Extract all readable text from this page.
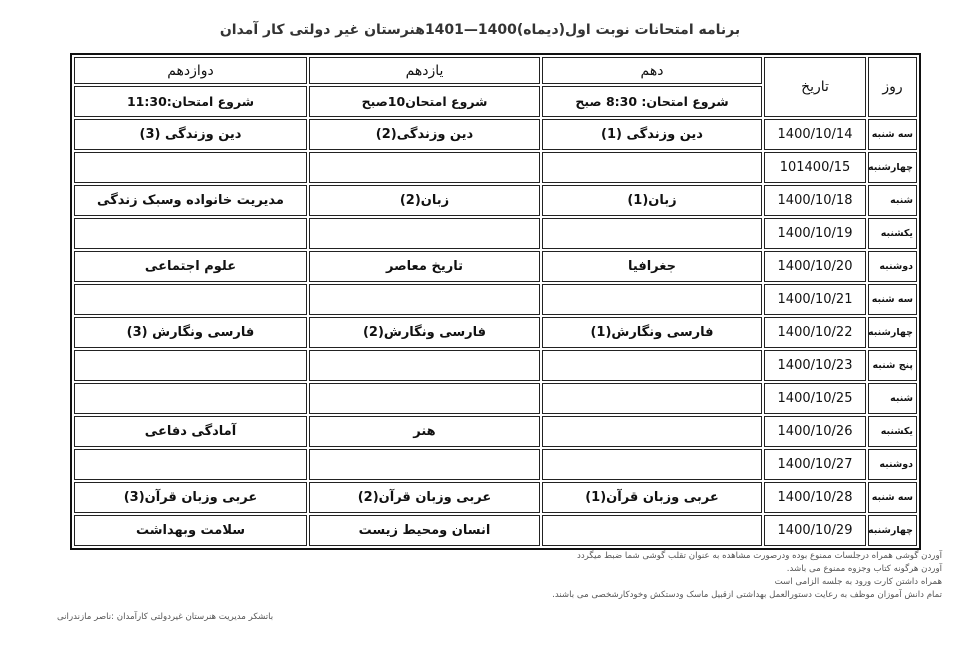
برنامه امتحانات نوبت اول(دیماه)1400—1401هنرستان غیر دولتی کار آمدان
روز	تاریخ	دهم	یازدهم	دوازدهم
		شروع امتحان: 8:30 صبح	شروع امتحان10صبح	شروع امتحان:11:30
سه شنبه	1400/10/14	دین وزندگی (1)	دین وزندگی(2)	دین وزندگی (3)
چهارشنبه	101400/15			
شنبه	1400/10/18	زبان(1)	زبان(2)	مدیریت خانواده وسبک زندگی
یکشنبه	1400/10/19			
دوشنبه	1400/10/20	جغرافیا	تاریخ معاصر	علوم اجتماعی
سه شنبه	1400/10/21			
چهارشنبه	1400/10/22	فارسی ونگارش(1)	فارسی ونگارش(2)	فارسی ونگارش (3)
پنج شنبه	1400/10/23			
شنبه	1400/10/25			
یکشنبه	1400/10/26		هنر	آمادگی دفاعی
دوشنبه	1400/10/27			
سه شنبه	1400/10/28	عربی وزبان قرآن(1)	عربی وزبان قرآن(2)	عربی وزبان قرآن(3)
چهارشنبه	1400/10/29		انسان ومحیط زیست	سلامت وبهداشت
آوردن گوشی همراه درجلسات ممنوع بوده ودرصورت مشاهده به عنوان تقلب گوشی شما ضبط میگردد
آوردن هرگونه کتاب وجزوه ممنوع می باشد.
همراه داشتن کارت ورود به جلسه الزامی است
تمام دانش آموزان موظف به رعایت دستورالعمل بهداشتی ازقبیل ماسک ودستکش وخودکارشخصی می باشند.
باتشکر مدیریت هنرستان غیردولتی کارآمدان :ناصر مازندرانی
